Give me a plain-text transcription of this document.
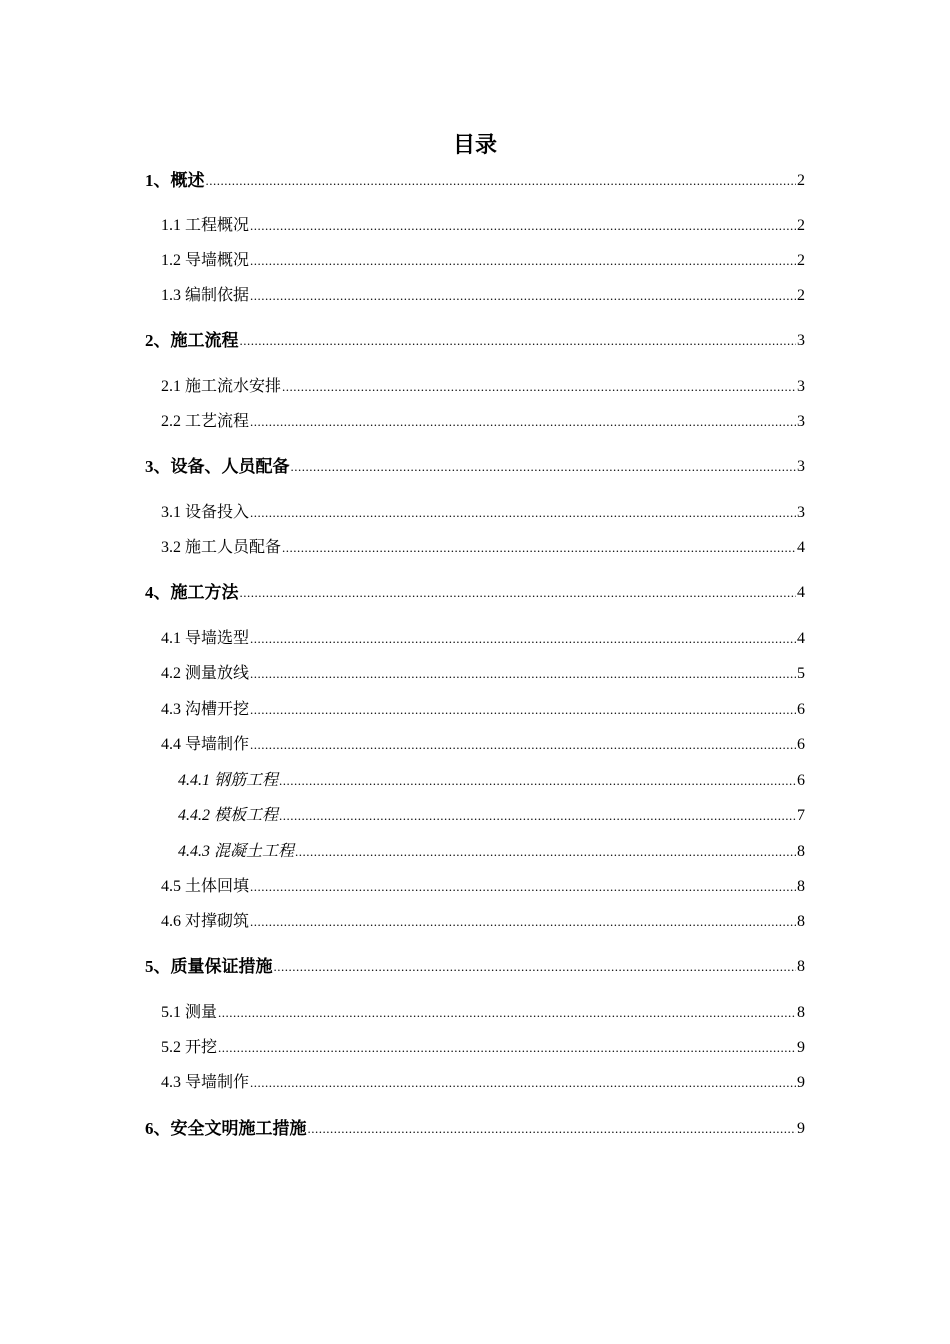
目录
1、概述 .....	2
1.1 工程概况 .....	2
1.2 导墙概况 .....	2
1.3 编制依据 .....	2
2、施工流程 .....	3
2.1 施工流水安排 .....	3
2.2 工艺流程 .....	3
3、设备、人员配备 .....	3
3.1 设备投入 .....	3
3.2 施工人员配备 .....	4
4、施工方法 .....	4
4.1 导墙选型 .....	4
4.2 测量放线 .....	5
4.3 沟槽开挖 .....	6
4.4 导墙制作 .....	6
4.4.1 钢筋工程 .....	6
4.4.2 模板工程 .....	7
4.4.3 混凝土工程 .....	8
4.5 土体回填 .....	8
4.6 对撑砌筑 .....	8
5、质量保证措施 .....	8
5.1 测量 .....	8
5.2 开挖 .....	9
4.3 导墙制作 .....	9
6、安全文明施工措施 .....	9
